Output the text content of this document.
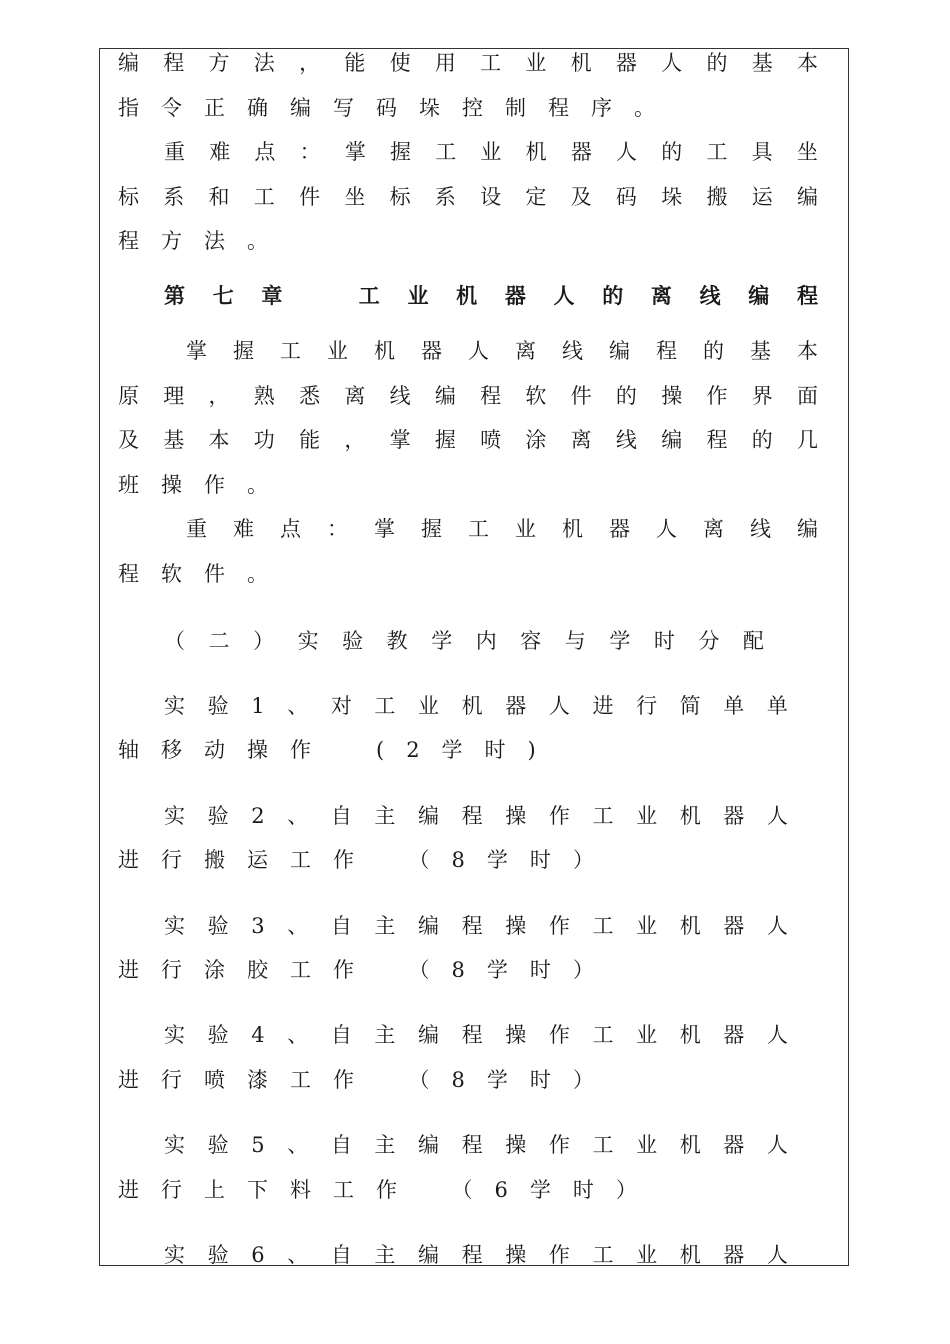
编 程 方 法 ， 能 使 用 工 业 机 器 人 的 基 本
指令正确编写码垛控制程序。
重 难 点 ： 掌 握 工 业 机 器 人 的 工 具 坐
标 系 和 工 件 坐 标 系 设 定 及 码 垛 搬 运 编
程方法。
第 七 章
　	工 业 机 器 人 的 离 线 编 程
掌 握 工 业 机 器 人 离 线 编 程 的 基 本
原 理 ， 熟 悉 离 线 编 程 软 件 的 操 作 界 面
及 基 本 功 能 ， 掌 握 喷 涂 离 线 编 程 的 几
班操作。
重 难 点 ： 掌 握 工 业 机 器 人 离 线 编
程软件。
（ 二 ） 实 验 教 学 内 容 与 学 时 分 配
实 验 1 、 对 工 业 机 器 人 进 行 简 单 单
轴移动操作　(2学时)
实 验 2 、 自 主 编 程 操 作 工 业 机 器 人
进行搬运工作　（8学时）
实 验 3 、 自 主 编 程 操 作 工 业 机 器 人
进行涂胶工作　（8学时）
实 验 4 、 自 主 编 程 操 作 工 业 机 器 人
进行喷漆工作　（8学时）
实 验 5 、 自 主 编 程 操 作 工 业 机 器 人
进行上下料工作　（6学时）
实 验 6 、 自 主 编 程 操 作 工 业 机 器 人
